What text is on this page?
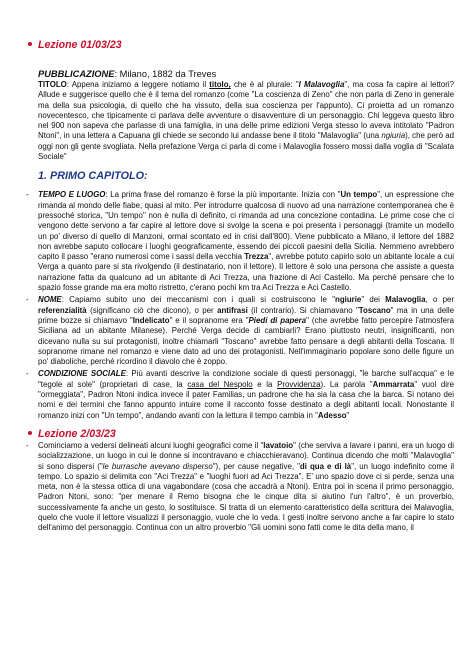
Lezione 01/03/23
PUBBLICAZIONE: Milano, 1882 da Treves

TITOLO: Appena iniziamo a leggere notiamo il titolo, che è al plurale: "I Malavoglia", ma cosa fa capire ai lettori? Allude e suggerisce quello che è il tema del romanzo (come "La coscienza di Zeno" che non parla di Zeno in generale ma della sua psicologia, di quello che ha vissuto, della sua coscienza per l'appunto). Ci proietta ad un romanzo novecentesco, che tipicamente ci parlava delle avventure o disavventure di un personaggio. Chi leggeva questo libro nel 900 non sapeva che parlasse di una famiglia, in una delle prime edizioni Verga stesso lo aveva intitolato "Padron Ntoni", in una lettera a Capuana gli chiede se secondo lui andasse bene il titolo "Malavoglia" (una ngiuria), che però ad oggi non gli gente svogliata. Nella prefazione Verga ci parla di come i Malavoglia fossero mossi dalla voglia di "Scalata Sociale"

1. PRIMO CAPITOLO:
- TEMPO E LUOGO: La prima frase del romanzo è forse la più importante. Inizia con "Un tempo", un espressione che rimanda al mondo delle fiabe, quasi al mito. Per introdurre qualcosa di nuovo ad una narrazione contemporanea che è pressoché storica, "Un tempo" non è nulla di definito, ci rimanda ad una concezione contadina. Le prime cose che ci vengono dette servono a far capire al lettore dove si svolge la scena e poi presenta i personaggi (tramite un modello un po' diverso di quello di Manzoni, ormai scontato ed in crisi dall'800). Viene pubblicato a Milano, il lettore del 1882 non avrebbe saputo collocare i luoghi geograficamente, essendo dei piccoli paesini della Sicilia. Nemmeno avrebbero capito il passo "erano numerosi come i sassi della vecchia Trezza", avrebbe potuto capirlo solo un abitante locale a cui Verga a quanto pare si sta rivolgendo (il destinatario, non il lettore). Il lettore è solo una persona che assiste a questa narrazione fatta da qualcuno ad un abitante di Aci Trezza, una frazione di Aci Castello. Ma perché pensare che lo spazio fosse grande ma era molto ristretto, c'erano pochi km tra Aci Trezza e Aci Castello.

- NOME: Capiamo subito uno dei meccanismi con i quali si costruiscono le "ngiurie" dei Malavoglia, o per referenzialità (significano ciò che dicono), o per antifrasi (il contrario). Si chiamavano "Toscano" ma in una delle prime bozze si chiamavo "Indelicato" e il sopranome era "Piedi di papera" (che avrebbe fatto percepire l'atmosfera Siciliana ad un abitante Milanese). Perché Verga decide di cambiarli? Erano piuttosto neutri, insignificanti, non dicevano nulla su sui protagonisti, inoltre chiamarli "Toscano" avrebbe fatto pensare a degli abitanti della Toscana. Il sopranome rimane nel romanzo e viene dato ad uno dei protagonisti. Nell'immaginario popolare sono delle figure un po' diaboliche, perché ricordino il diavolo che è zoppo.

- CONDIZIONE SOCIALE: Più avanti descrive la condizione sociale di questi personaggi, "le barche sull'acqua" e le "tegole al sole" (proprietari di case, la casa del Nespolo e la Provvidenza). La parola "Ammarrata" vuol dire "ormeggiata", Padron Ntoni indica invece il pater Familias, un padrone che ha sia la casa che la barca. Si notano dei nomi e dei termini che fanno appunto intuire come il racconto fosse destinato a degli abitanti locali. Nonostante il romanzo inizi con "Un tempo", andando avanti con la lettura il tempo cambia in "Adesso"

Lezione 2/03/23
- Cominciamo a vedersi delineati alcuni luoghi geografici come il "lavatoio" (che serviva a lavare i panni, era un luogo di socializzazione, un luogo in cui le donne si incontravano e chiacchieravano). Continua dicendo che molti "Malavoglia" si sono dispersi ("le burrasche avevano disperso"), per cause negative, "di qua e di là", un luogo indefinito come il tempo. Lo spazio si delimita con "Aci Trezza" e "luoghi fuori ad Aci Trezza". E' uno spazio dove ci si perde, senza una meta, non è la stessa ottica di una vagabondare (cosa che accadrà a Ntoni). Entra poi in scena il primo personaggio, Padron Ntoni, sono: "per menare il Remo bisogna che le cinque dita si aiutino l'un l'altro", è un proverbio, successivamente fa anche un gesto, lo sostituisce. Si tratta di un elemento caratteristico della scrittura dei Malavoglia, quelo che vuole il lettore visualizzi il personaggio, vuole che lo veda. I gesti inoltre servono anche a far capire lo stato dell'animo del personaggio. Continua con un altro proverbio "Gli uomini sono fatti come le dita della mano, il
